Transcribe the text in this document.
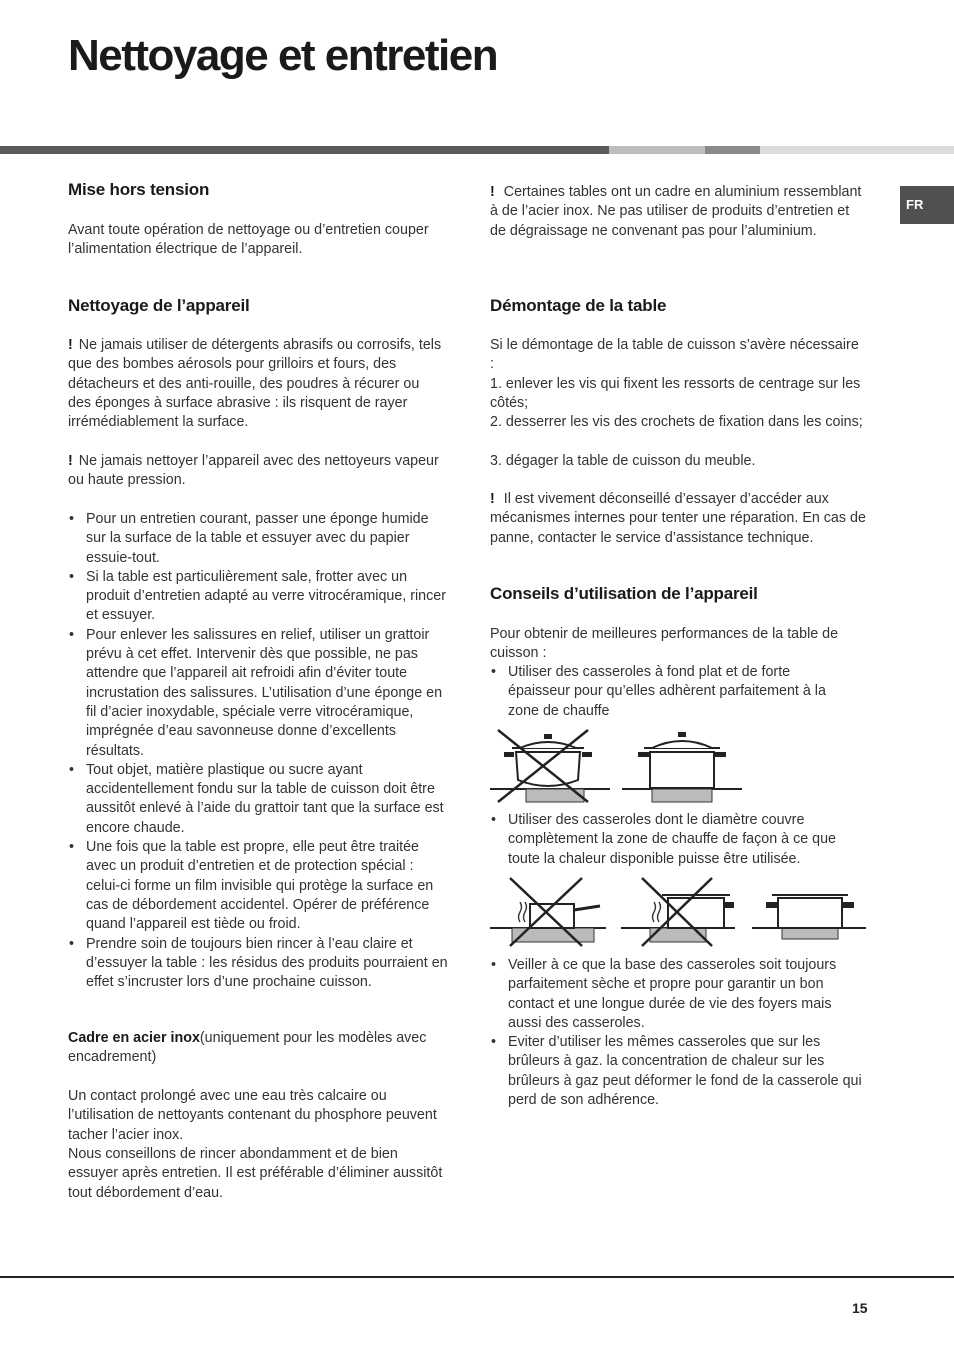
Nettoyage et entretien
FR
Mise hors tension

Avant toute opération de nettoyage ou d’entretien couper l’alimentation électrique de l’appareil.

Nettoyage de l’appareil

! Ne jamais utiliser de détergents abrasifs ou corrosifs, tels que des bombes aérosols pour grilloirs et fours, des détacheurs et des anti-rouille, des poudres à récurer ou des éponges à surface abrasive : ils risquent de rayer irrémédiablement la surface.

! Ne jamais nettoyer l’appareil avec des nettoyeurs vapeur ou haute pression.

• Pour un entretien courant, passer une éponge humide sur la surface de la table et essuyer avec du papier essuie-tout.
• Si la table est particulièrement sale, frotter avec un produit d’entretien adapté au verre vitrocéramique, rincer et essuyer.
• Pour enlever les salissures en relief, utiliser un grattoir prévu à cet effet. Intervenir dès que possible, ne pas attendre que l’appareil ait refroidi afin d’éviter toute incrustation des salissures. L’utilisation d’une éponge en fil d’acier inoxydable, spéciale verre vitrocéramique, imprégnée d’eau savonneuse donne d’excellents résultats.
• Tout objet, matière plastique ou sucre ayant accidentellement fondu sur la table de cuisson doit être aussitôt enlevé à l’aide du grattoir tant que la surface est encore chaude.
• Une fois que la table est propre, elle peut être traitée avec un produit d’entretien et de protection spécial : celui-ci forme un film invisible qui protège la surface en cas de débordement accidentel. Opérer de préférence quand l’appareil est tiède ou froid.
• Prendre soin de toujours bien rincer à l’eau claire et d’essuyer la table : les résidus des produits pourraient en effet s’incruster lors d’une prochaine cuisson.

Cadre en acier inox(uniquement pour les modèles avec encadrement)

Un contact prolongé avec une eau très calcaire ou l’utilisation de nettoyants contenant du phosphore peuvent tacher l’acier inox.

Nous conseillons de rincer abondamment et de bien essuyer après entretien. Il est préférable d’éliminer aussitôt tout débordement d’eau.

! Certaines tables ont un cadre en aluminium ressemblant à de l’acier inox. Ne pas utiliser de produits d’entretien et de dégraissage ne convenant pas pour l’aluminium.

Démontage de la table

Si le démontage de la table de cuisson s’avère nécessaire :

1. enlever les vis qui fixent les ressorts de centrage sur les côtés;

2. desserrer les vis des crochets de fixation dans les coins;

3. dégager la table de cuisson du meuble.

! Il est vivement déconseillé d’essayer d’accéder aux mécanismes internes pour tenter une réparation. En cas de panne, contacter le service d’assistance technique.

Conseils d’utilisation de l’appareil

Pour obtenir de meilleures performances de la table de cuisson :

• Utiliser des casseroles à fond plat et de forte épaisseur pour qu’elles adhèrent parfaitement à la zone de chauffe
• Utiliser des casseroles dont le diamètre couvre complètement la zone de chauffe de façon à ce que toute la chaleur disponible puisse être utilisée.
• Veiller à ce que la base des casseroles soit toujours parfaitement sèche et propre pour garantir un bon contact et une longue durée de vie des foyers mais aussi des casseroles.
• Eviter d’utiliser les mêmes casseroles que sur les brûleurs à gaz. la concentration de chaleur sur les brûleurs à gaz peut déformer le fond de la casserole qui perd de son adhérence.
15
